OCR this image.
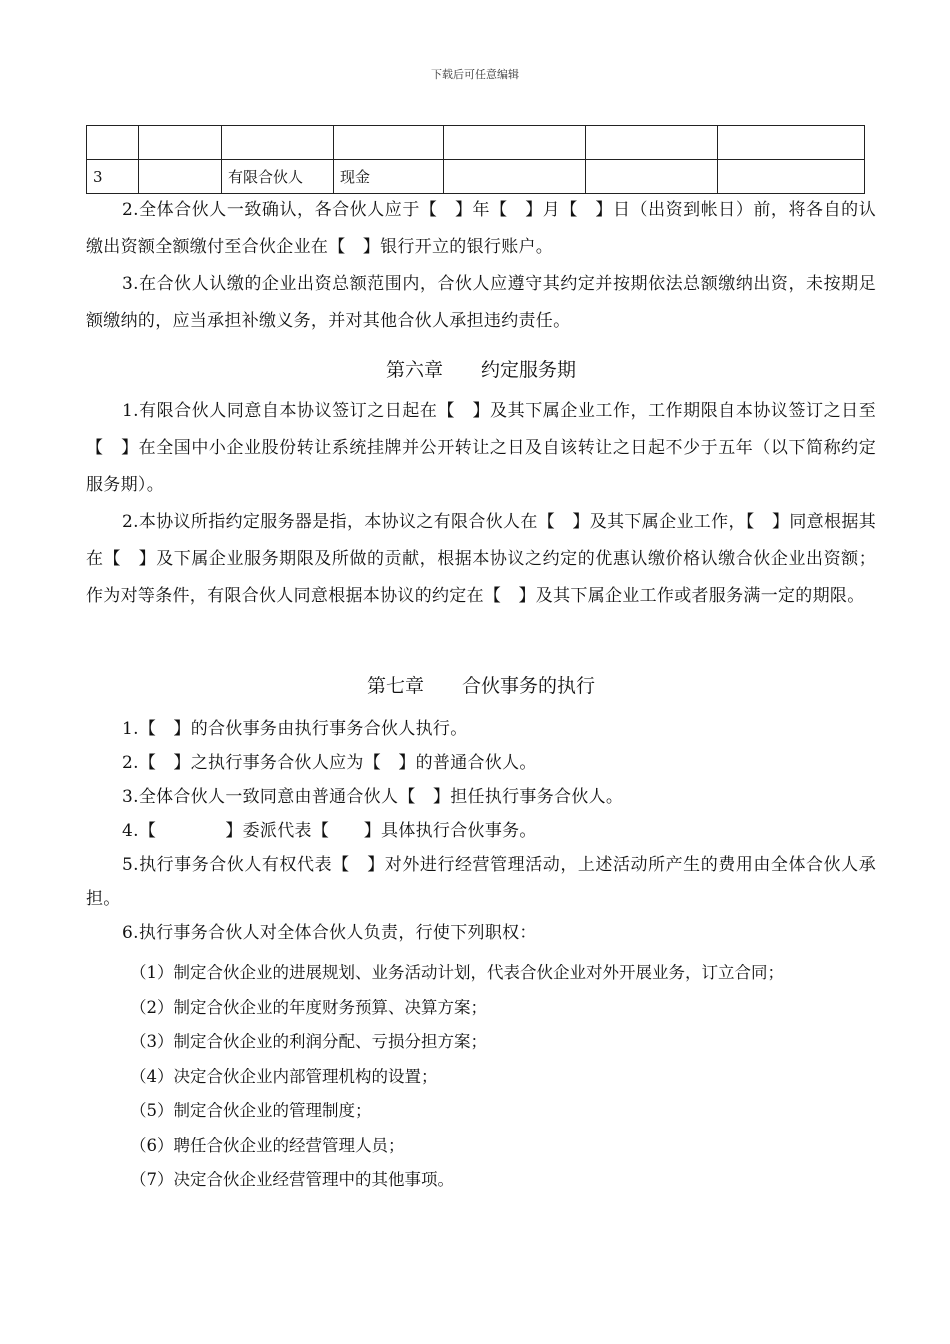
下载后可任意编辑

3		有限合伙人	现金			

2.全体合伙人一致确认，各合伙人应于【　】年【　】月【　】日（出资到帐日）前，将各自的认缴出资额全额缴付至合伙企业在【　】银行开立的银行账户。

3.在合伙人认缴的企业出资总额范围内，合伙人应遵守其约定并按期依法总额缴纳出资，未按期足额缴纳的，应当承担补缴义务，并对其他合伙人承担违约责任。

第六章　　约定服务期

1.有限合伙人同意自本协议签订之日起在【　】及其下属企业工作，工作期限自本协议签订之日至【　】在全国中小企业股份转让系统挂牌并公开转让之日及自该转让之日起不少于五年（以下简称约定服务期）。

2.本协议所指约定服务器是指，本协议之有限合伙人在【　】及其下属企业工作，【　】同意根据其在【　】及下属企业服务期限及所做的贡献，根据本协议之约定的优惠认缴价格认缴合伙企业出资额；作为对等条件，有限合伙人同意根据本协议的约定在【　】及其下属企业工作或者服务满一定的期限。

第七章　　合伙事务的执行

1.【　】的合伙事务由执行事务合伙人执行。

2.【　】之执行事务合伙人应为【　】的普通合伙人。

3.全体合伙人一致同意由普通合伙人【　】担任执行事务合伙人。

4.【　　　　】委派代表【　　】具体执行合伙事务。

5.执行事务合伙人有权代表【　】对外进行经营管理活动，上述活动所产生的费用由全体合伙人承担。

6.执行事务合伙人对全体合伙人负责，行使下列职权：

（1）制定合伙企业的进展规划、业务活动计划，代表合伙企业对外开展业务，订立合同；

（2）制定合伙企业的年度财务预算、决算方案；

（3）制定合伙企业的利润分配、亏损分担方案；

（4）决定合伙企业内部管理机构的设置；

（5）制定合伙企业的管理制度；

（6）聘任合伙企业的经营管理人员；

（7）决定合伙企业经营管理中的其他事项。
